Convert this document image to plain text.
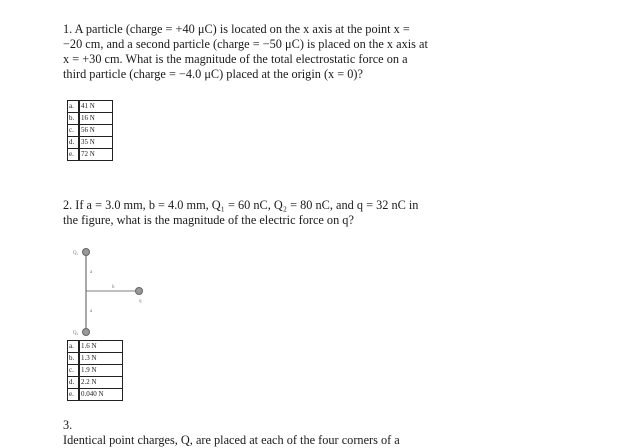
1. A particle (charge = +40 μC) is located on the x axis at the point x = −20 cm, and a second particle (charge = −50 μC) is placed on the x axis at x = +30 cm. What is the magnitude of the total electrostatic force on a third particle (charge = −4.0 μC) placed at the origin (x = 0)?
a.	41 N
b.	16 N
c.	56 N
d.	35 N
e.	72 N
2. If a = 3.0 mm, b = 4.0 mm, Q₁ = 60 nC, Q₂ = 80 nC, and q = 32 nC in the figure, what is the magnitude of the electric force on q?
Q₁
Q₂
q
a
a
b
a.	1.6 N
b.	1.3 N
c.	1.9 N
d.	2.2 N
e.	0.040 N
3.
Identical point charges, Q, are placed at each of the four corners of a
